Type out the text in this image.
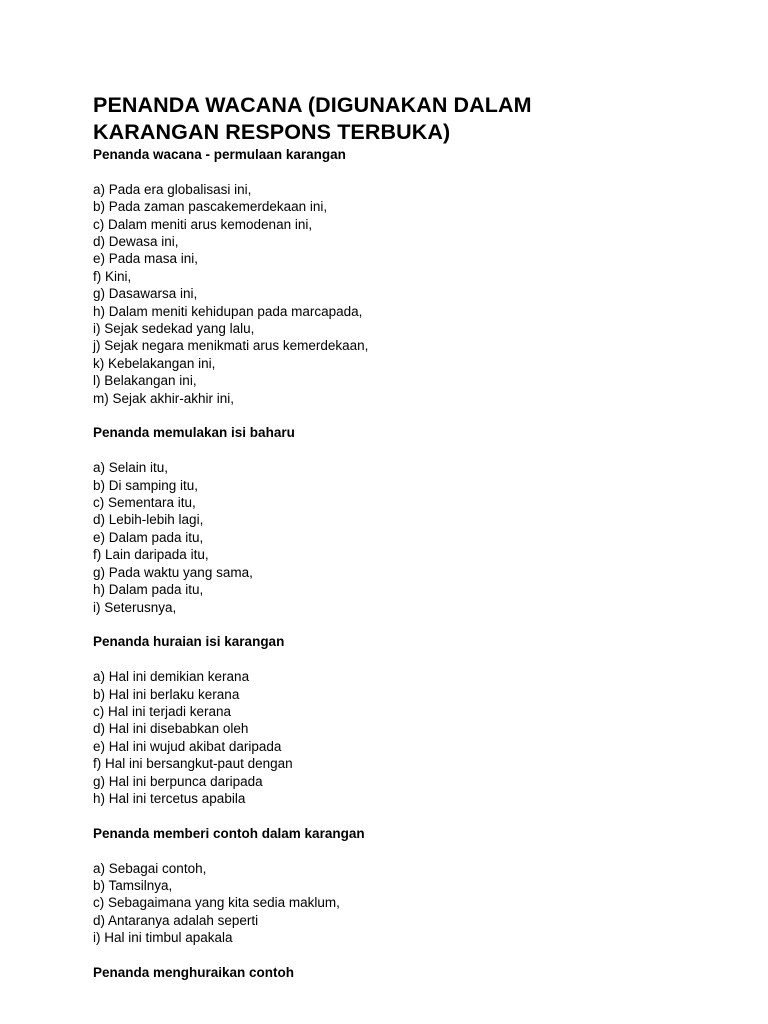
PENANDA WACANA (DIGUNAKAN DALAM
KARANGAN RESPONS TERBUKA)
Penanda wacana - permulaan karangan
a) Pada era globalisasi ini,
b) Pada zaman pascakemerdekaan ini,
c) Dalam meniti arus kemodenan ini,
d) Dewasa ini,
e) Pada masa ini,
f) Kini,
g) Dasawarsa ini,
h) Dalam meniti kehidupan pada marcapada,
i) Sejak sedekad yang lalu,
j) Sejak negara menikmati arus kemerdekaan,
k) Kebelakangan ini,
l) Belakangan ini,
m) Sejak akhir-akhir ini,
Penanda memulakan isi baharu
a) Selain itu,
b) Di samping itu,
c) Sementara itu,
d) Lebih-lebih lagi,
e) Dalam pada itu,
f) Lain daripada itu,
g) Pada waktu yang sama,
h) Dalam pada itu,
i) Seterusnya,
Penanda huraian isi karangan
a) Hal ini demikian kerana
b) Hal ini berlaku kerana
c) Hal ini terjadi kerana
d) Hal ini disebabkan oleh
e) Hal ini wujud akibat daripada
f) Hal ini bersangkut-paut dengan
g) Hal ini berpunca daripada
h) Hal ini tercetus apabila
Penanda memberi contoh dalam karangan
a) Sebagai contoh,
b) Tamsilnya,
c) Sebagaimana yang kita sedia maklum,
d) Antaranya adalah seperti
i) Hal ini timbul apakala
Penanda menghuraikan contoh
